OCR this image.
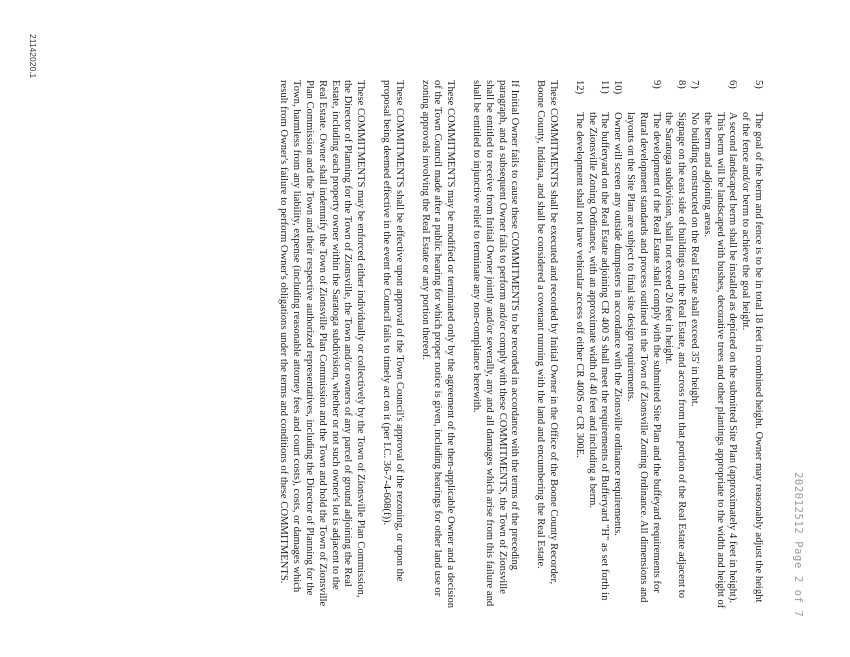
202012512 Page 2 of 7
5)
The goal of the berm and fence is to be in total 18 feet in combined height. Owner may reasonably adjust the height of the fence and/or berm to achieve the goal height.
6)
A second landscaped berm shall be installed as depicted on the submitted Site Plan (approximately 4 feet in height). This berm will be landscaped with bushes, decorative trees and other plantings appropriate to the width and height of the berm and adjoining areas.
7)
No building constructed on the Real Estate shall exceed 35' in height.
8)
Signage on the east side of buildings on the Real Estate, and across from that portion of the Real Estate adjacent to the Saratoga subdivision, shall not exceed 20 feet in height.
9)
The development of the Real Estate shall comply with the submitted Site Plan and the buffeyard requirements for Rural development standards and process outlined in the Town of Zionsville Zoning Ordinance. All dimensions and layouts on the Site Plan are subject to final site design requirements.
10)
Owner will screen any outside dumpsters in accordance with the Zionsville ordinance requirements.
11)
The bufferyard on the Real Estate adjoining CR 400 S shall meet the requirements of Bufferyard "H" as set forth in the Zionsville Zoning Ordinance, with an approximate width of 40 feet and including a berm.
12)
The development shall not have vehicular access off either CR 400S or CR 300E.

These COMMITMENTS shall be executed and recorded by Initial Owner in the Office of the Boone County Recorder, Boone County, Indiana, and shall be considered a covenant running with the land and encumbering the Real Estate.

If Initial Owner fails to cause these COMMITMENTS to be recorded in accordance with the terms of the preceding paragraph, and a subsequent Owner fails to perform and/or comply with these COMMITMENTS, the Town of Zionsville shall be entitled to receive from Initial Owner jointly and/or severally, any and all damages which arise from this failure and shall be entitled to injunctive relief to terminate any non-compliance herewith.

These COMMITMENTS may be modified or terminated only by the agreement of the then-applicable Owner and a decision of the Town Council made after a public hearing for which proper notice is given, including hearings for other land use or zoning approvals involving the Real Estate or any portion thereof.

These COMMITMENTS shall be effective upon approval of the Town Council's approval of the rezoning, or upon the proposal being deemed effective in the event the Council fails to timely act on it (per I.C. 36-7-4-608(f)).

These COMMITMENTS may be enforced either individually or collectively by the Town of Zionsville Plan Commission, the Director of Planning for the Town of Zionsville, the Town and/or owners of any parcel of ground adjoining the Real Estate, including each property owner within the Saratoga subdivision, whether or not such owner's lot is adjacent to the Real Estate. Owner shall indemnify the Town of Zionsville Plan Commission and the Town and hold the Town of Zionsville Plan Commission and the Town and their respective authorized representatives, including the Director of Planning for the Town, harmless from any liability, expense (including reasonable attorney fees and court costs), costs, or damages which result from Owner's failure to perform Owner's obligations under the terms and conditions of these COMMITMENTS.

21142020.1
